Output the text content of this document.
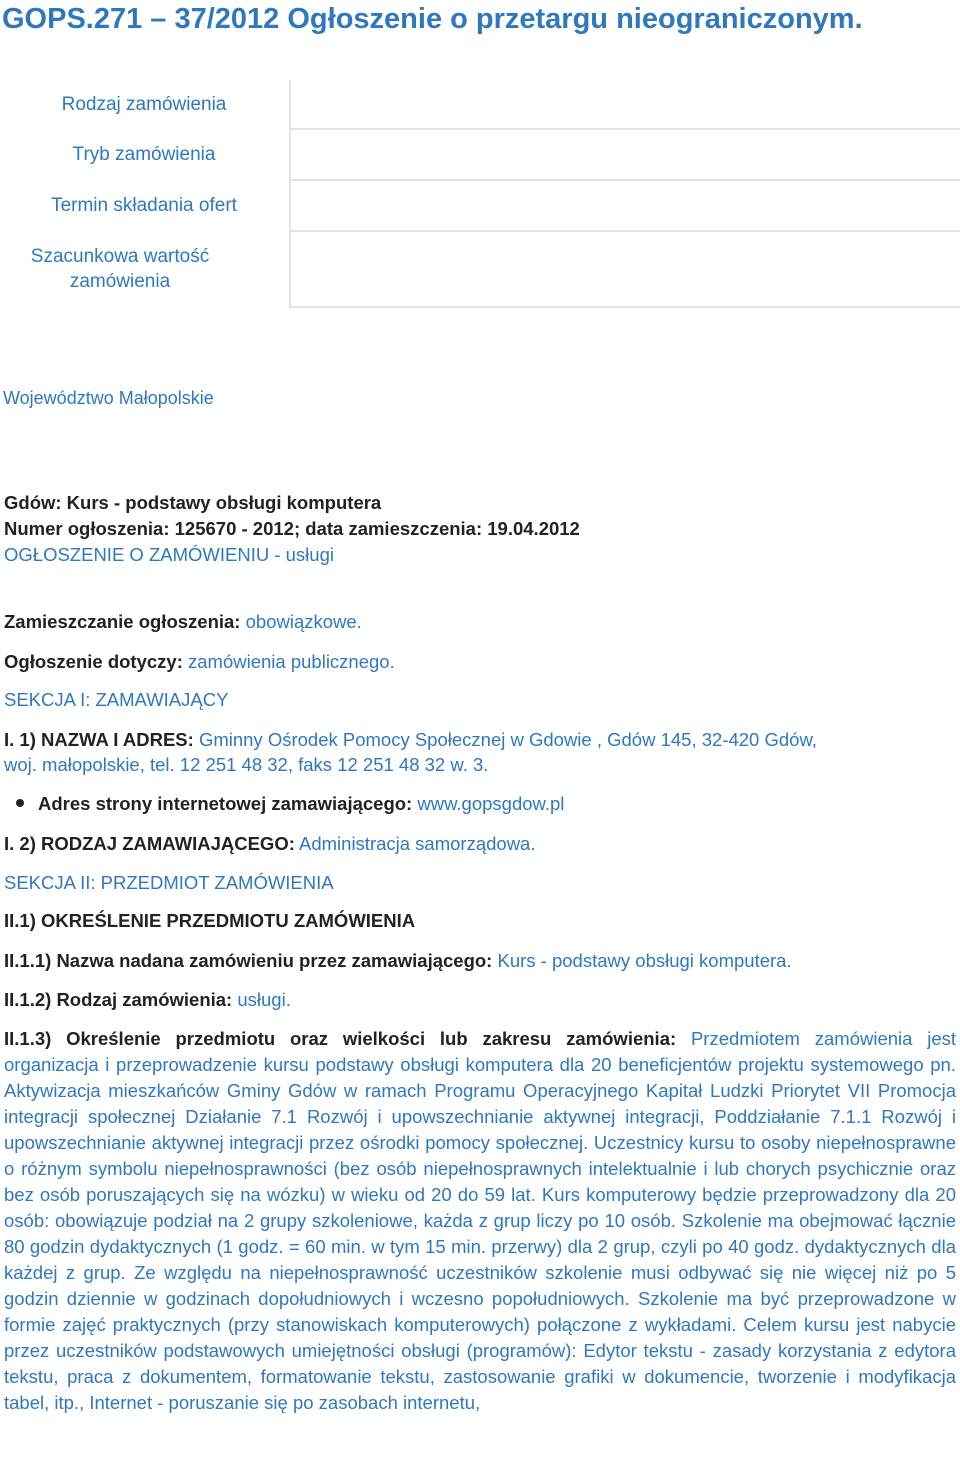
GOPS.271 – 37/2012 Ogłoszenie o przetargu nieograniczonym.
Rodzaj zamówienia
Tryb zamówienia
Termin składania ofert
Szacunkowa wartość zamówienia
Województwo Małopolskie
Gdów: Kurs - podstawy obsługi komputera
Numer ogłoszenia: 125670 - 2012; data zamieszczenia: 19.04.2012
OGŁOSZENIE O ZAMÓWIENIU - usługi
Zamieszczanie ogłoszenia: obowiązkowe.
Ogłoszenie dotyczy: zamówienia publicznego.
SEKCJA I: ZAMAWIAJĄCY
I. 1) NAZWA I ADRES: Gminny Ośrodek Pomocy Społecznej w Gdowie , Gdów 145, 32-420 Gdów,
woj. małopolskie, tel. 12 251 48 32, faks 12 251 48 32 w. 3.
Adres strony internetowej zamawiającego: www.gopsgdow.pl
I. 2) RODZAJ ZAMAWIAJĄCEGO: Administracja samorządowa.
SEKCJA II: PRZEDMIOT ZAMÓWIENIA
II.1) OKREŚLENIE PRZEDMIOTU ZAMÓWIENIA
II.1.1) Nazwa nadana zamówieniu przez zamawiającego: Kurs - podstawy obsługi komputera.
II.1.2) Rodzaj zamówienia: usługi.
II.1.3) Określenie przedmiotu oraz wielkości lub zakresu zamówienia: Przedmiotem zamówienia jest organizacja i przeprowadzenie kursu podstawy obsługi komputera dla 20 beneficjentów projektu systemowego pn. Aktywizacja mieszkańców Gminy Gdów w ramach Programu Operacyjnego Kapitał Ludzki Priorytet VII Promocja integracji społecznej Działanie 7.1 Rozwój i upowszechnianie aktywnej integracji, Poddziałanie 7.1.1 Rozwój i upowszechnianie aktywnej integracji przez ośrodki pomocy społecznej. Uczestnicy kursu to osoby niepełnosprawne o różnym symbolu niepełnosprawności (bez osób niepełnosprawnych intelektualnie i lub chorych psychicznie oraz bez osób poruszających się na wózku) w wieku od 20 do 59 lat. Kurs komputerowy będzie przeprowadzony dla 20 osób: obowiązuje podział na 2 grupy szkoleniowe, każda z grup liczy po 10 osób. Szkolenie ma obejmować łącznie 80 godzin dydaktycznych (1 godz. = 60 min. w tym 15 min. przerwy) dla 2 grup, czyli po 40 godz. dydaktycznych dla każdej z grup. Ze względu na niepełnosprawność uczestników szkolenie musi odbywać się nie więcej niż po 5 godzin dziennie w godzinach dopołudniowych i wczesno popołudniowych. Szkolenie ma być przeprowadzone w formie zajęć praktycznych (przy stanowiskach komputerowych) połączone z wykładami. Celem kursu jest nabycie przez uczestników podstawowych umiejętności obsługi (programów): Edytor tekstu - zasady korzystania z edytora tekstu, praca z dokumentem, formatowanie tekstu, zastosowanie grafiki w dokumencie, tworzenie i modyfikacja tabel, itp., Internet - poruszanie się po zasobach internetu,
